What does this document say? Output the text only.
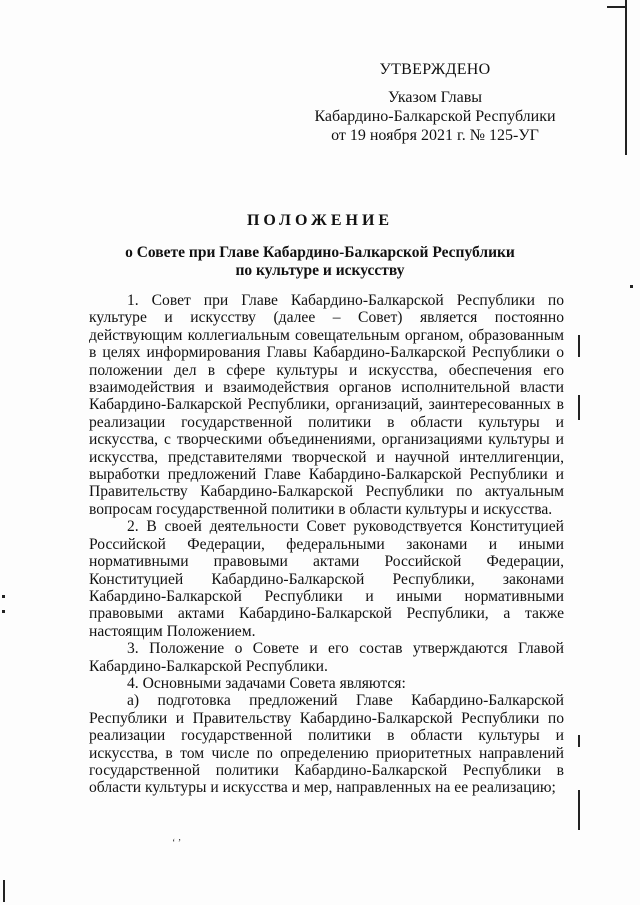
‘ ’
УТВЕРЖДЕНО
Указом Главы
Кабардино-Балкарской Республики
от 19 ноября 2021 г. № 125-УГ
ПОЛОЖЕНИЕ
о Совете при Главе Кабардино-Балкарской Республики
по культуре и искусству

1. Совет при Главе Кабардино-Балкарской Республики по культуре и искусству (далее – Совет) является постоянно действующим коллегиальным совещательным органом, образованным в целях информирования Главы Кабардино-Балкарской Республики о положении дел в сфере культуры и искусства, обеспечения его взаимодействия и взаимодействия органов исполнительной власти Кабардино-Балкарской Республики, организаций, заинтересованных в реализации государственной политики в области культуры и искусства, с творческими объединениями, организациями культуры и искусства, представителями творческой и научной интеллигенции, выработки предложений Главе Кабардино-Балкарской Республики и Правительству Кабардино-Балкарской Республики по актуальным вопросам государственной политики в области культуры и искусства.

2. В своей деятельности Совет руководствуется Конституцией Российской Федерации, федеральными законами и иными нормативными правовыми актами Российской Федерации, Конституцией Кабардино-Балкарской Республики, законами Кабардино-Балкарской Республики и иными нормативными правовыми актами Кабардино-Балкарской Республики, а также настоящим Положением.

3. Положение о Совете и его состав утверждаются Главой Кабардино-Балкарской Республики.

4. Основными задачами Совета являются:

а) подготовка предложений Главе Кабардино-Балкарской Республики и Правительству Кабардино-Балкарской Республики по реализации государственной политики в области культуры и искусства, в том числе по определению приоритетных направлений государственной политики Кабардино-Балкарской Республики в области культуры и искусства и мер, направленных на ее реализацию;
